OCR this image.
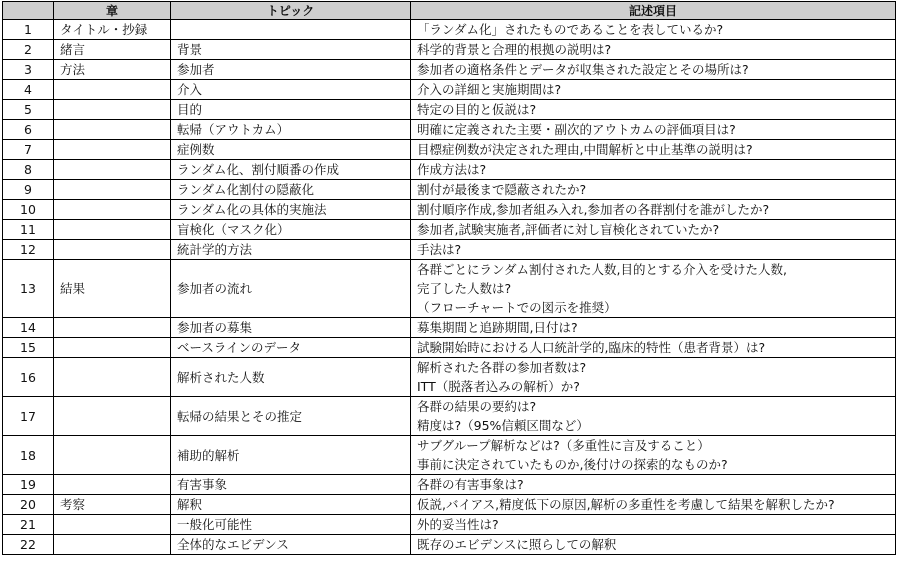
	章	トピック	記述項目
1	タイトル・抄録		「ランダム化」されたものであることを表しているか?

2	緒言	背景	科学的背景と合理的根拠の説明は?

3	方法	参加者	参加者の適格条件とデータが収集された設定とその場所は?

4		介入	介入の詳細と実施期間は?

5		目的	特定の目的と仮説は?

6		転帰（アウトカム）	明確に定義された主要・副次的アウトカムの評価項目は?

7		症例数	目標症例数が決定された理由,中間解析と中止基準の説明は?

8		ランダム化、割付順番の作成	作成方法は?

9		ランダム化割付の隠蔽化	割付が最後まで隠蔽されたか?

10		ランダム化の具体的実施法	割付順序作成,参加者組み入れ,参加者の各群割付を誰がしたか?

11		盲検化（マスク化）	参加者,試験実施者,評価者に対し盲検化されていたか?

12		統計学的方法	手法は?

13	結果	参加者の流れ	各群ごとにランダム割付された人数,目的とする介入を受けた人数,
完了した人数は?
（フローチャートでの図示を推奨）

14		参加者の募集	募集期間と追跡期間,日付は?

15		ベースラインのデータ	試験開始時における人口統計学的,臨床的特性（患者背景）は?

16		解析された人数	解析された各群の参加者数は?
ITT（脱落者込みの解析）か?

17		転帰の結果とその推定	各群の結果の要約は?
精度は?（95%信頼区間など）

18		補助的解析	サブグループ解析などは?（多重性に言及すること）
事前に決定されていたものか,後付けの探索的なものか?

19		有害事象	各群の有害事象は?

20	考察	解釈	仮説,バイアス,精度低下の原因,解析の多重性を考慮して結果を解釈したか?

21		一般化可能性	外的妥当性は?

22		全体的なエビデンス	既存のエビデンスに照らしての解釈
